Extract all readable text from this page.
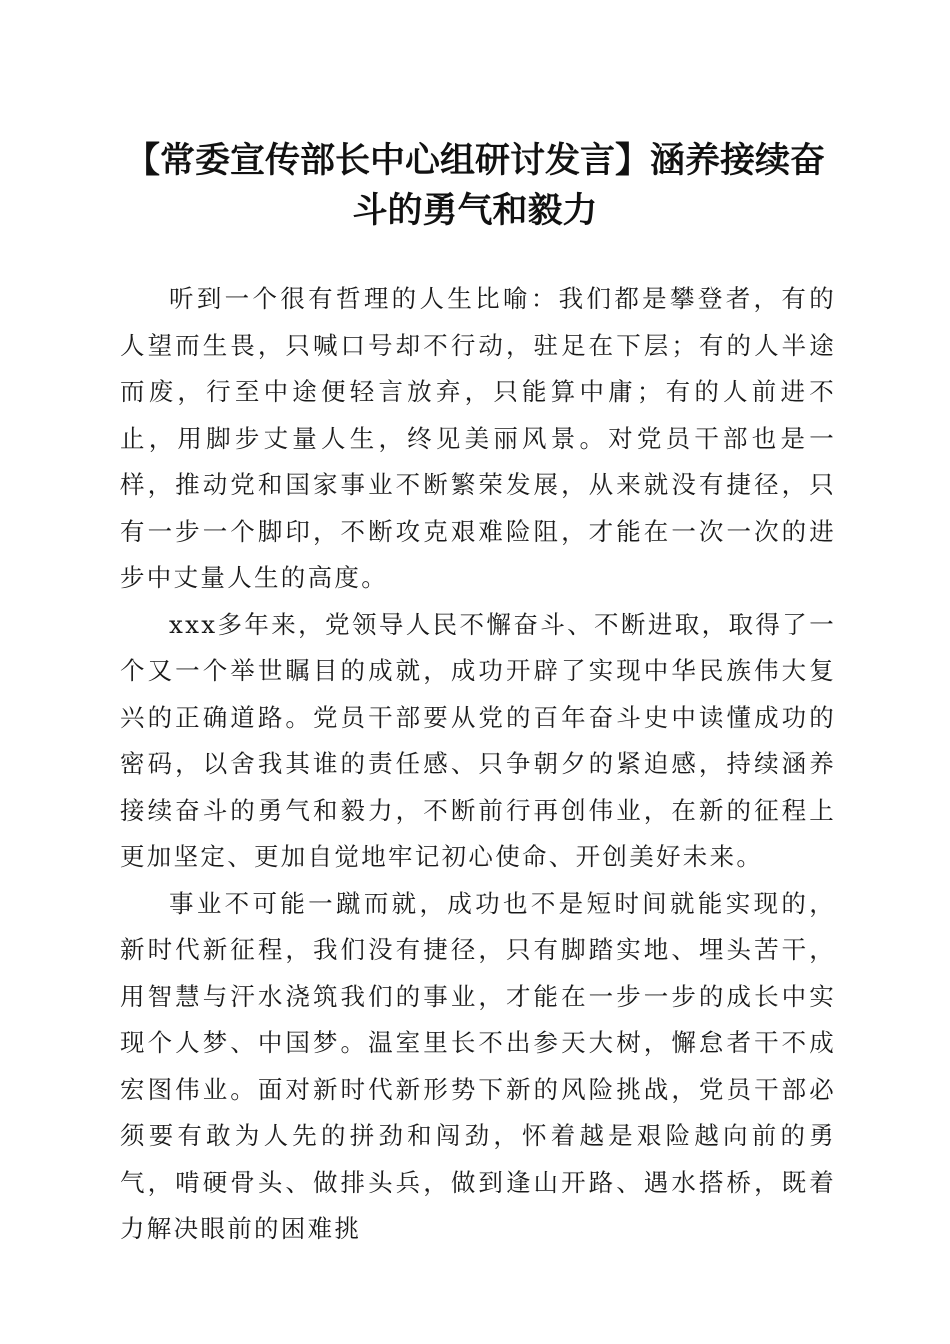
【常委宣传部长中心组研讨发言】涵养接续奋斗的勇气和毅力

听到一个很有哲理的人生比喻：我们都是攀登者，有的人望而生畏，只喊口号却不行动，驻足在下层；有的人半途而废，行至中途便轻言放弃，只能算中庸；有的人前进不止，用脚步丈量人生，终见美丽风景。对党员干部也是一样，推动党和国家事业不断繁荣发展，从来就没有捷径，只有一步一个脚印，不断攻克艰难险阻，才能在一次一次的进步中丈量人生的高度。

xxx多年来，党领导人民不懈奋斗、不断进取，取得了一个又一个举世瞩目的成就，成功开辟了实现中华民族伟大复兴的正确道路。党员干部要从党的百年奋斗史中读懂成功的密码，以舍我其谁的责任感、只争朝夕的紧迫感，持续涵养接续奋斗的勇气和毅力，不断前行再创伟业，在新的征程上更加坚定、更加自觉地牢记初心使命、开创美好未来。

事业不可能一蹴而就，成功也不是短时间就能实现的，新时代新征程，我们没有捷径，只有脚踏实地、埋头苦干，用智慧与汗水浇筑我们的事业，才能在一步一步的成长中实现个人梦、中国梦。温室里长不出参天大树，懈怠者干不成宏图伟业。面对新时代新形势下新的风险挑战，党员干部必须要有敢为人先的拼劲和闯劲，怀着越是艰险越向前的勇气，啃硬骨头、做排头兵，做到逢山开路、遇水搭桥，既着力解决眼前的困难挑
